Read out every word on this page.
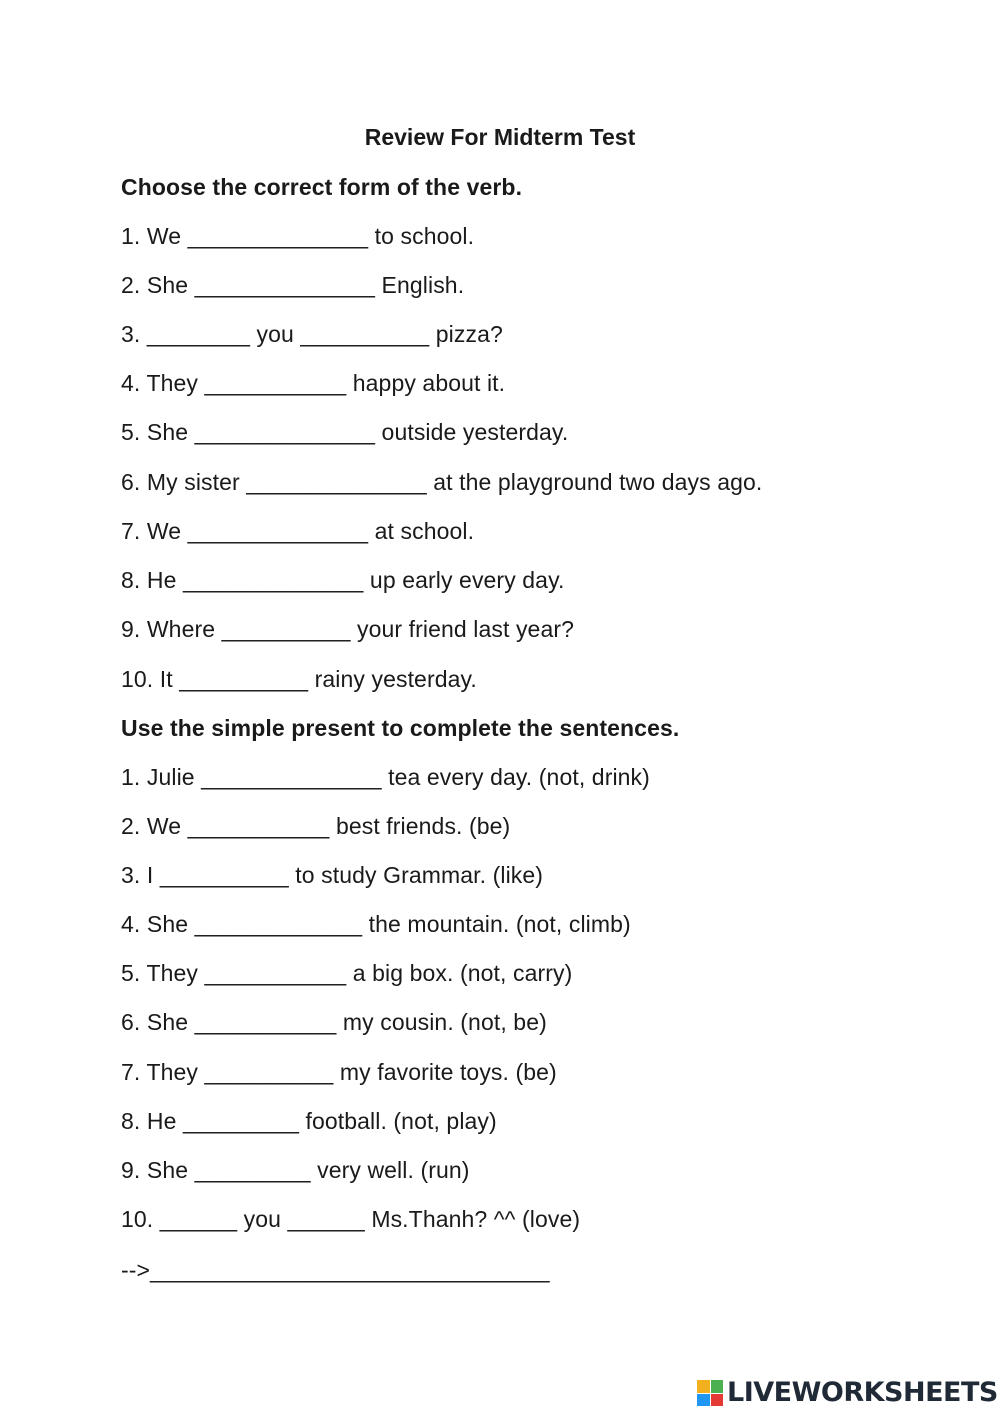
Review For Midterm Test
Choose the correct form of the verb.
1. We ______________ to school.
2. She ______________ English.
3. ________ you __________ pizza?
4. They ___________ happy about it.
5. She ______________ outside yesterday.
6. My sister ______________ at the playground two days ago.
7. We ______________ at school.
8. He ______________ up early every day.
9. Where __________ your friend last year?
10. It __________ rainy yesterday.
Use the simple present to complete the sentences.
1. Julie ______________ tea every day. (not, drink)
2. We ___________ best friends. (be)
3. I __________ to study Grammar. (like)
4. She _____________ the mountain. (not, climb)
5. They ___________ a big box. (not, carry)
6. She ___________ my cousin. (not, be)
7. They __________ my favorite toys. (be)
8. He _________ football. (not, play)
9. She _________ very well. (run)
10. ______ you ______ Ms.Thanh? ^^ (love)
-->_______________________________
LIVEWORKSHEETS
